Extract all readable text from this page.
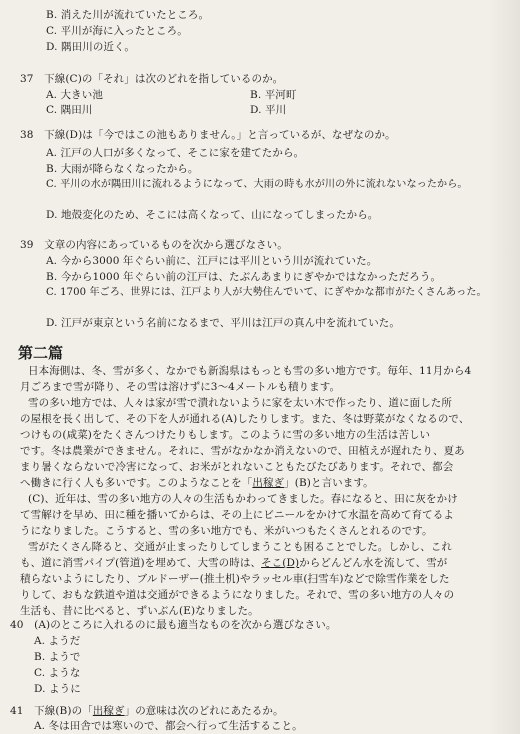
B. 消えた川が流れていたところ。
C. 平川が海に入ったところ。
D. 隅田川の近く。
37　下線(C)の「それ」は次のどれを指しているのか。
A. 大きい池	B. 平河町
C. 隅田川	D. 平川
38　下線(D)は「今ではこの池もありません。」と言っているが、なぜなのか。
A. 江戸の人口が多くなって、そこに家を建てたから。
B. 大雨が降らなくなったから。
C. 平川の水が隅田川に流れるようになって、大雨の時も水が川の外に流れないなったから。
D. 地殻変化のため、そこには高くなって、山になってしまったから。
39　文章の内容にあっているものを次から選びなさい。
A. 今から3000 年ぐらい前に、江戸には平川という川が流れていた。
B. 今から1000 年ぐらい前の江戸は、たぶんあまりにぎやかではなかっただろう。
C. 1700 年ごろ、世界には、江戸より人が大勢住んでいて、にぎやかな都市がたくさんあった。
D. 江戸が東京という名前になるまで、平川は江戸の真ん中を流れていた。
第二篇
日本海側は、冬、雪が多く、なかでも新潟県はもっとも雪の多い地方です。毎年、11月から4
月ごろまで雪が降り、その雪は溶けずに3〜4メートルも積ります。
雪の多い地方では、人々は家が雪で潰れないように家を太い木で作ったり、道に面した所
の屋根を長く出して、その下を人が通れる(A)したりします。また、冬は野菜がなくなるので、
つけもの(咸菜)をたくさんつけたりもします。このように雪の多い地方の生活は苦しい
です。冬は農業ができません。それに、雪がなかなか消えないので、田植えが遅れたり、夏あ
まり暑くならないで冷害になって、お米がとれないこともたびたびあります。それで、都会
へ働きに行く人も多いです。このようなことを「出稼ぎ」(B)と言います。
(C)、近年は、雪の多い地方の人々の生活もかわってきました。春になると、田に灰をかけ
て雪解けを早め、田に種を播いてからは、その上にビニールをかけて水温を高めて育てるよ
うになりました。こうすると、雪の多い地方でも、米がいつもたくさんとれるのです。
雪がたくさん降ると、交通が止まったりしてしまうことも困ることでした。しかし、これ
も、道に消雪パイプ(管道)を埋めて、大雪の時は、そこ(D)からどんどん水を流して、雪が
積らないようにしたり、ブルドーザー(推土机)やラッセル車(扫雪车)などで除雪作業をした
りして、おもな鉄道や道は交通ができるようになりました。それで、雪の多い地方の人々の
生活も、昔に比べると、ずいぶん(E)なりました。
40　(A)のところに入れるのに最も適当なものを次から選びなさい。
A. ようだ
B. ようで
C. ような
D. ように
41　下線(B)の「出稼ぎ」の意味は次のどれにあたるか。
A. 冬は田舎では寒いので、都会へ行って生活すること。
